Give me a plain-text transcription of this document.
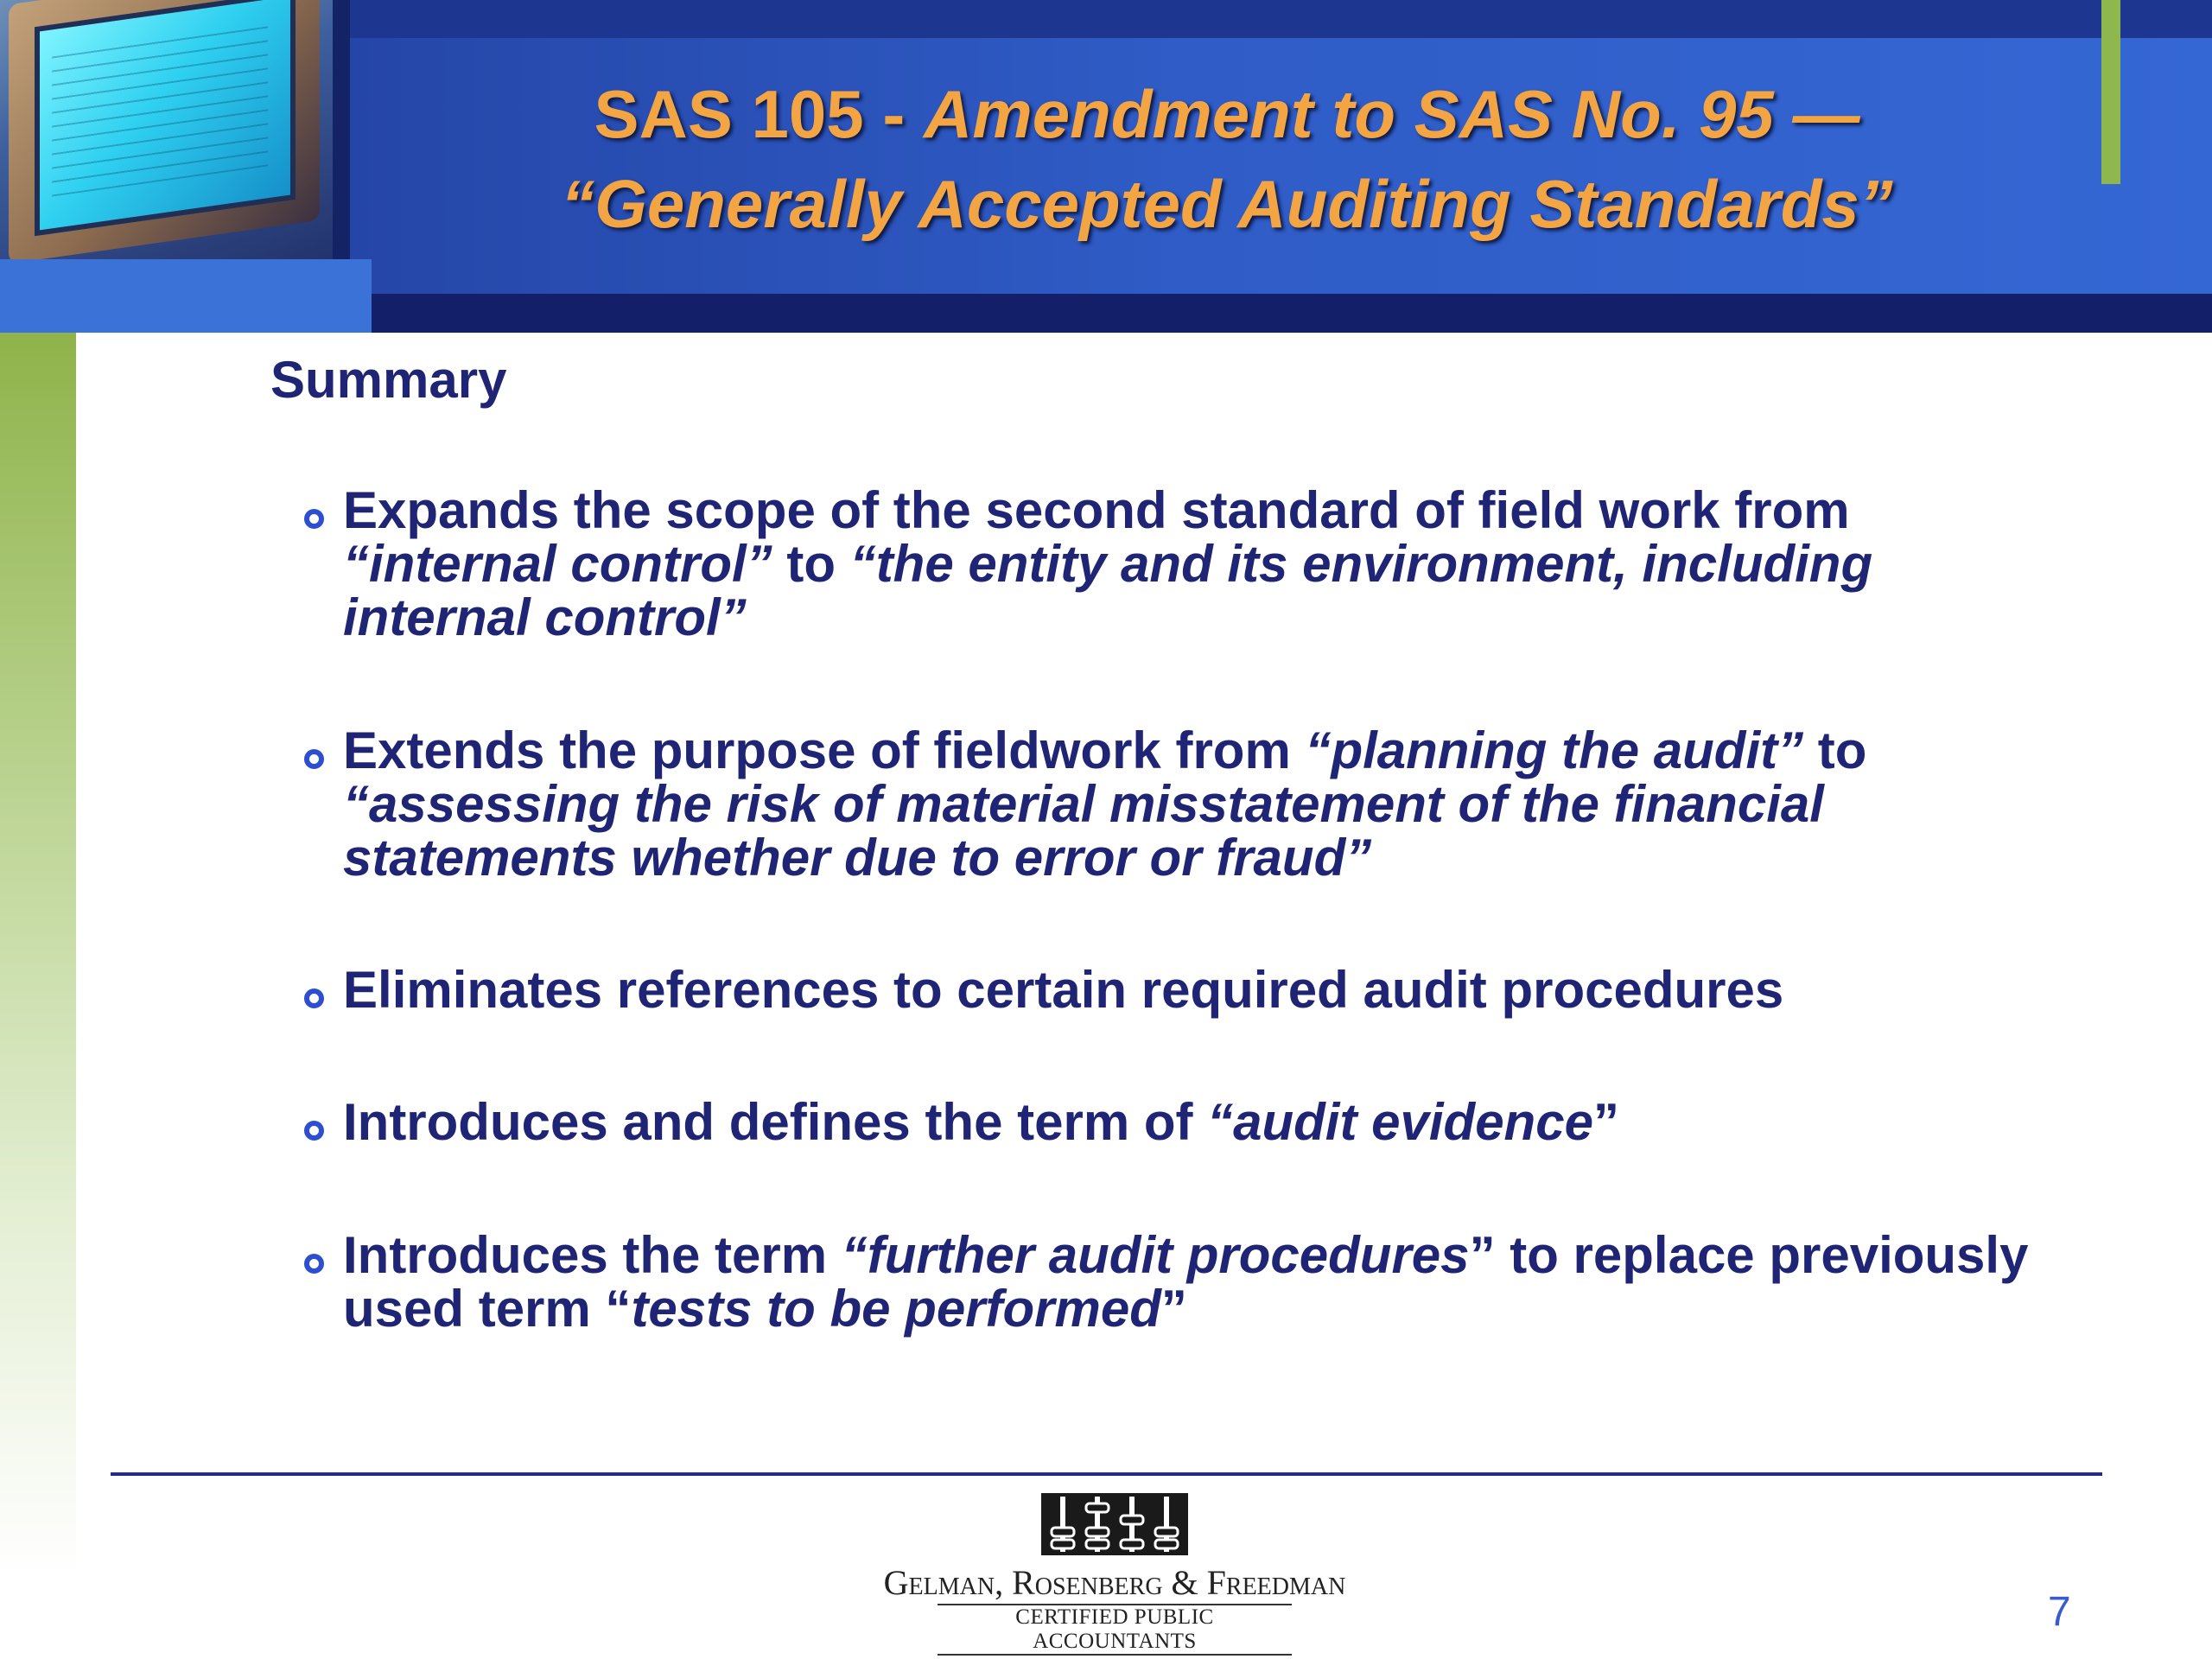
SAS 105 - Amendment to SAS No. 95 —
“Generally Accepted Auditing Standards”
Summary
Expands the scope of the second standard of field work from “internal control” to “the entity and its environment, including internal control”
Extends the purpose of fieldwork from “planning the audit” to “assessing the risk of material misstatement of the financial statements whether due to error or fraud”
Eliminates references to certain required audit procedures
Introduces and defines the term of “audit evidence”
Introduces the term “further audit procedures” to replace previously used term “tests to be performed”

Gelman, Rosenberg & Freedman

CERTIFIED PUBLIC ACCOUNTANTS

7
